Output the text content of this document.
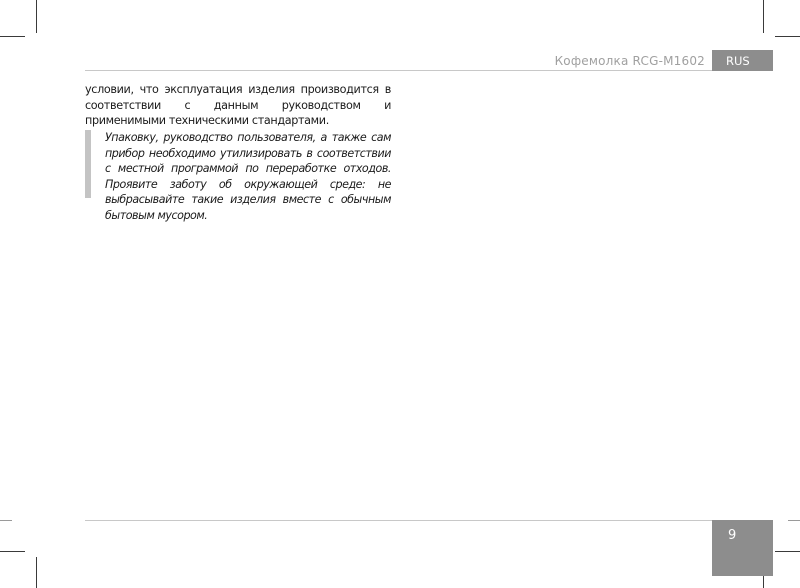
Кофемолка RCG-M1602 RUS
условии, что эксплуатация изделия производится в соответствии с данным руководством и применимыми техническими стандартами.
Упаковку, руководство пользователя, а также сам прибор необходимо утилизировать в соответствии с местной программой по переработке отходов. Проявите заботу об окружающей среде: не выбрасывайте такие изделия вместе с обычным бытовым мусором.
9
